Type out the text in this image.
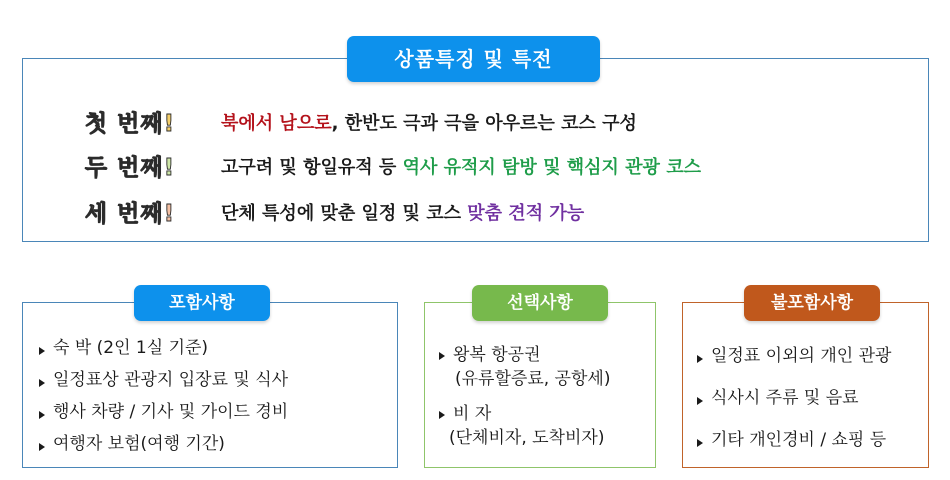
첫 번째!	북에서 남으로, 한반도 극과 극을 아우르는 코스 구성
두 번째!	고구려 및 항일유적 등 역사 유적지 탐방 및 핵심지 관광 코스
세 번째!	단체 특성에 맞춘 일정 및 코스 맞춤 견적 가능
상품특징 및 특전
숙 박 (2인 1실 기준)
일정표상 관광지 입장료 및 식사
행사 차량 / 기사 및 가이드 경비
여행자 보험(여행 기간)
포함사항
왕복 항공권
(유류할증료, 공항세)
비 자
(단체비자, 도착비자)
선택사항
일정표 이외의 개인 관광
식사시 주류 및 음료
기타 개인경비 / 쇼핑 등
불포함사항
